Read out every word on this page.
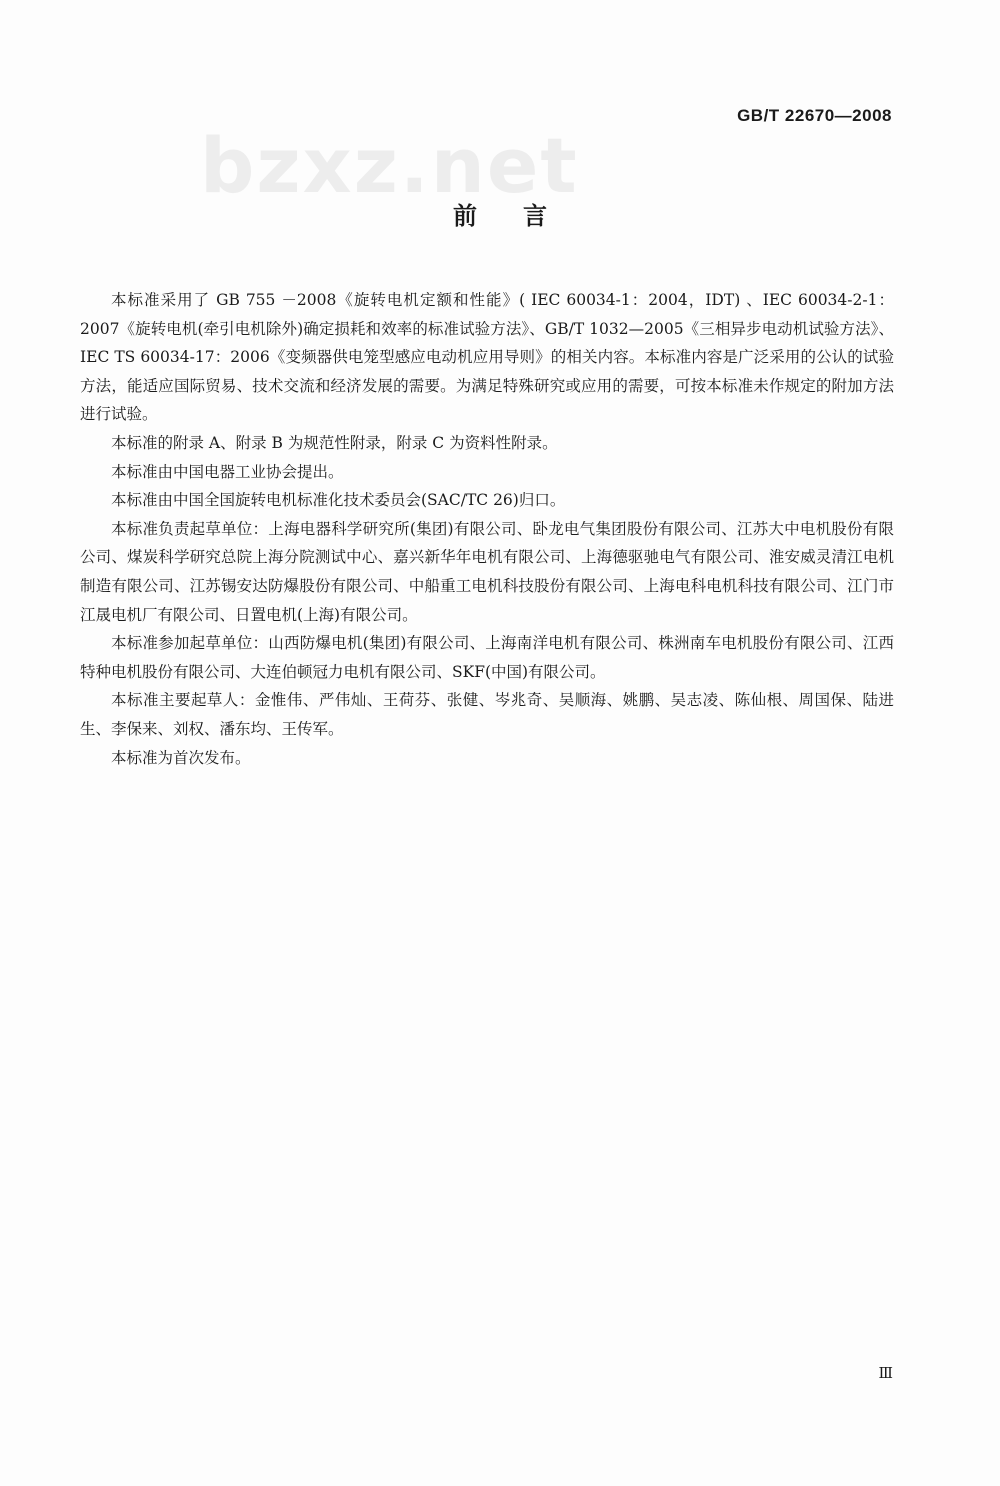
GB/T 22670—2008
bzxz.net
前言

本标准采用了 GB 755 －2008《旋转电机定额和性能》( IEC 60034-1：2004，IDT) 、IEC 60034-2-1：2007《旋转电机(牵引电机除外)确定损耗和效率的标准试验方法》、GB/T 1032—2005《三相异步电动机试验方法》、IEC TS 60034-17：2006《变频器供电笼型感应电动机应用导则》的相关内容。本标准内容是广泛采用的公认的试验方法，能适应国际贸易、技术交流和经济发展的需要。为满足特殊研究或应用的需要，可按本标准未作规定的附加方法进行试验。

本标准的附录 A、附录 B 为规范性附录，附录 C 为资料性附录。

本标准由中国电器工业协会提出。

本标准由中国全国旋转电机标准化技术委员会(SAC/TC 26)归口。

本标准负责起草单位：上海电器科学研究所(集团)有限公司、卧龙电气集团股份有限公司、江苏大中电机股份有限公司、煤炭科学研究总院上海分院测试中心、嘉兴新华年电机有限公司、上海德驱驰电气有限公司、淮安威灵清江电机制造有限公司、江苏锡安达防爆股份有限公司、中船重工电机科技股份有限公司、上海电科电机科技有限公司、江门市江晟电机厂有限公司、日置电机(上海)有限公司。

本标准参加起草单位：山西防爆电机(集团)有限公司、上海南洋电机有限公司、株洲南车电机股份有限公司、江西特种电机股份有限公司、大连伯顿冠力电机有限公司、SKF(中国)有限公司。

本标准主要起草人：金惟伟、严伟灿、王荷芬、张健、岑兆奇、吴顺海、姚鹏、吴志凌、陈仙根、周国保、陆进生、李保来、刘权、潘东均、王传军。

本标准为首次发布。

Ⅲ
